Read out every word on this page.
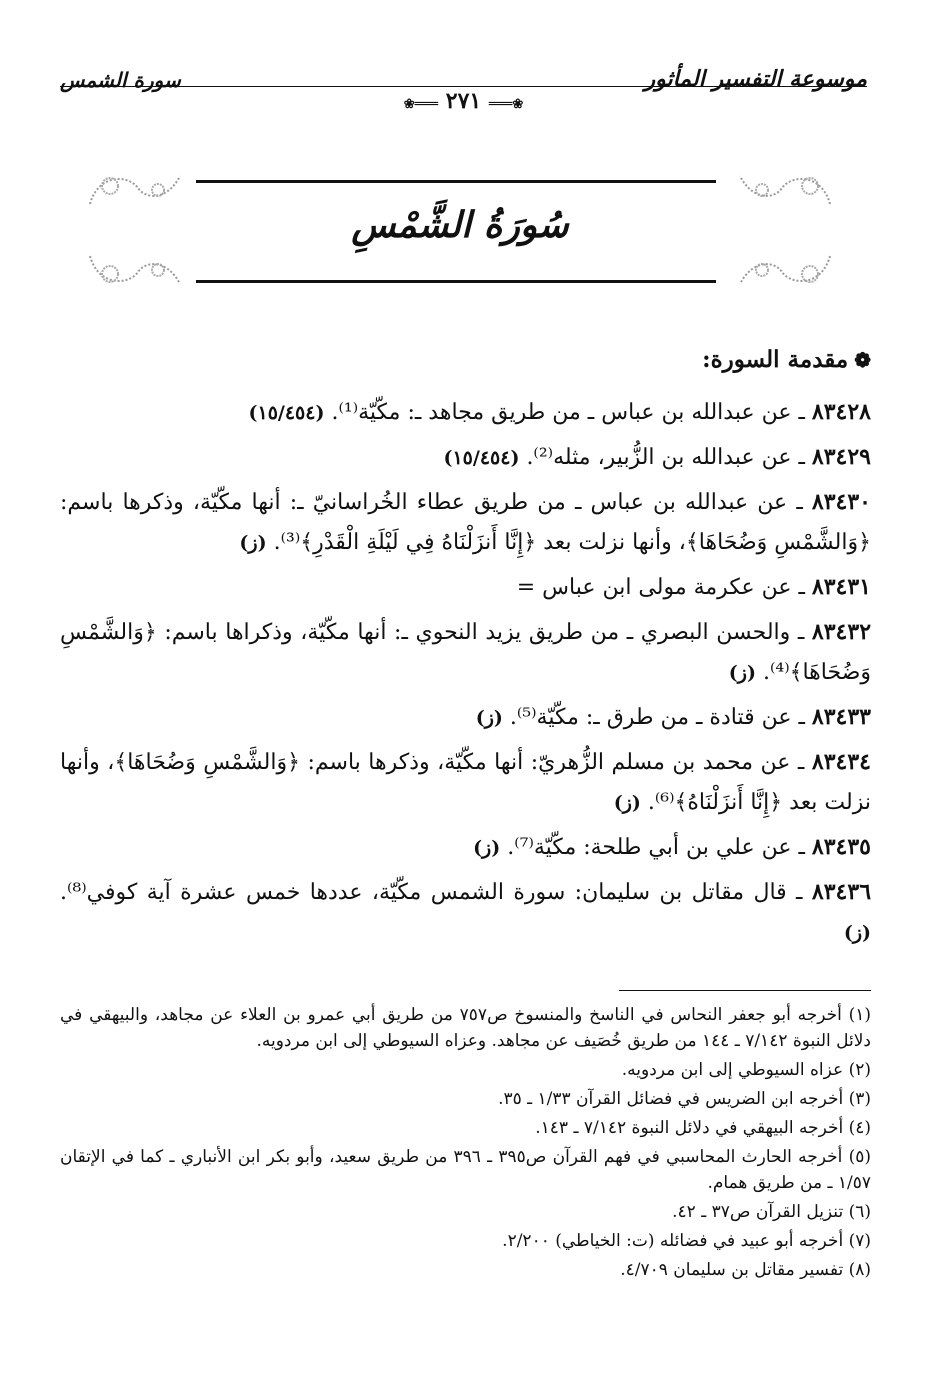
موسوعة التفسير المأثور
سورة الشمس
❀═══ ٢٧١ ═══❀
سُورَةُ الشَّمْسِ
❁مقدمة السورة:

٨٣٤٢٨ ـ عن عبدالله بن عباس ـ من طريق مجاهد ـ: مكّيّة⁽¹⁾. (١٥/٤٥٤)

٨٣٤٢٩ ـ عن عبدالله بن الزُّبير، مثله⁽²⁾. (١٥/٤٥٤)

٨٣٤٣٠ ـ عن عبدالله بن عباس ـ من طريق عطاء الخُراسانيّ ـ: أنها مكّيّة، وذكرها باسم: ﴿وَالشَّمْسِ وَضُحَاهَا﴾، وأنها نزلت بعد ﴿إِنَّا أَنزَلْنَاهُ فِي لَيْلَةِ الْقَدْرِ﴾⁽³⁾. (ز)

٨٣٤٣١ ـ عن عكرمة مولى ابن عباس =

٨٣٤٣٢ ـ والحسن البصري ـ من طريق يزيد النحوي ـ: أنها مكّيّة، وذكراها باسم: ﴿وَالشَّمْسِ وَضُحَاهَا﴾⁽⁴⁾. (ز)

٨٣٤٣٣ ـ عن قتادة ـ من طرق ـ: مكّيّة⁽⁵⁾. (ز)

٨٣٤٣٤ ـ عن محمد بن مسلم الزُّهريّ: أنها مكّيّة، وذكرها باسم: ﴿وَالشَّمْسِ وَضُحَاهَا﴾، وأنها نزلت بعد ﴿إِنَّا أَنزَلْنَاهُ﴾⁽⁶⁾. (ز)

٨٣٤٣٥ ـ عن علي بن أبي طلحة: مكّيّة⁽⁷⁾. (ز)

٨٣٤٣٦ ـ قال مقاتل بن سليمان: سورة الشمس مكّيّة، عددها خمس عشرة آية كوفي⁽⁸⁾. (ز)

(١) أخرجه أبو جعفر النحاس في الناسخ والمنسوخ ص٧٥٧ من طريق أبي عمرو بن العلاء عن مجاهد، والبيهقي في دلائل النبوة ٧/١٤٢ ـ ١٤٤ من طريق خُصَيف عن مجاهد. وعزاه السيوطي إلى ابن مردويه.
(٢) عزاه السيوطي إلى ابن مردويه.
(٣) أخرجه ابن الضريس في فضائل القرآن ١/٣٣ ـ ٣٥.
(٤) أخرجه البيهقي في دلائل النبوة ٧/١٤٢ ـ ١٤٣.
(٥) أخرجه الحارث المحاسبي في فهم القرآن ص٣٩٥ ـ ٣٩٦ من طريق سعيد، وأبو بكر ابن الأنباري ـ كما في الإتقان ١/٥٧ ـ من طريق همام.
(٦) تنزيل القرآن ص٣٧ ـ ٤٢.
(٧) أخرجه أبو عبيد في فضائله (ت: الخياطي) ٢/٢٠٠.
(٨) تفسير مقاتل بن سليمان ٤/٧٠٩.
